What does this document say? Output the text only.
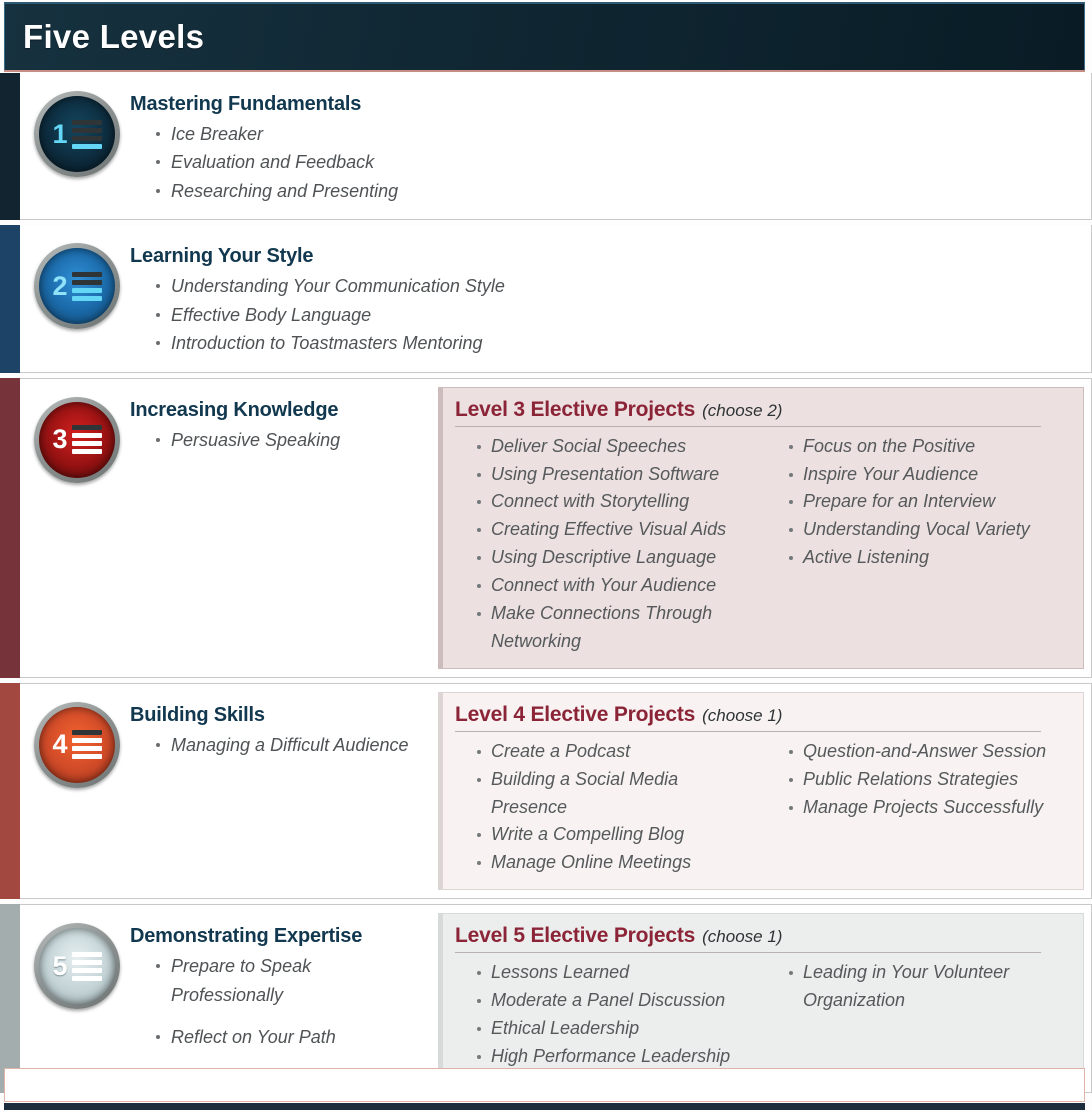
Five Levels
1
Mastering Fundamentals
Ice Breaker
Evaluation and Feedback
Researching and Presenting
2
Learning Your Style
Understanding Your Communication Style
Effective Body Language
Introduction to Toastmasters Mentoring
3
Increasing Knowledge
Persuasive Speaking
Level 3 Elective Projects (choose 2)
Deliver Social Speeches
Using Presentation Software
Connect with Storytelling
Creating Effective Visual Aids
Using Descriptive Language
Connect with Your Audience
Make Connections Through Networking
Focus on the Positive
Inspire Your Audience
Prepare for an Interview
Understanding Vocal Variety
Active Listening
4
Building Skills
Managing a Difficult Audience
Level 4 Elective Projects (choose 1)
Create a Podcast
Building a Social Media Presence
Write a Compelling Blog
Manage Online Meetings
Question-and-Answer Session
Public Relations Strategies
Manage Projects Successfully
5
Demonstrating Expertise
Prepare to Speak Professionally
Reflect on Your Path
Level 5 Elective Projects (choose 1)
Lessons Learned
Moderate a Panel Discussion
Ethical Leadership
High Performance Leadership
Leading in Your Volunteer Organization
